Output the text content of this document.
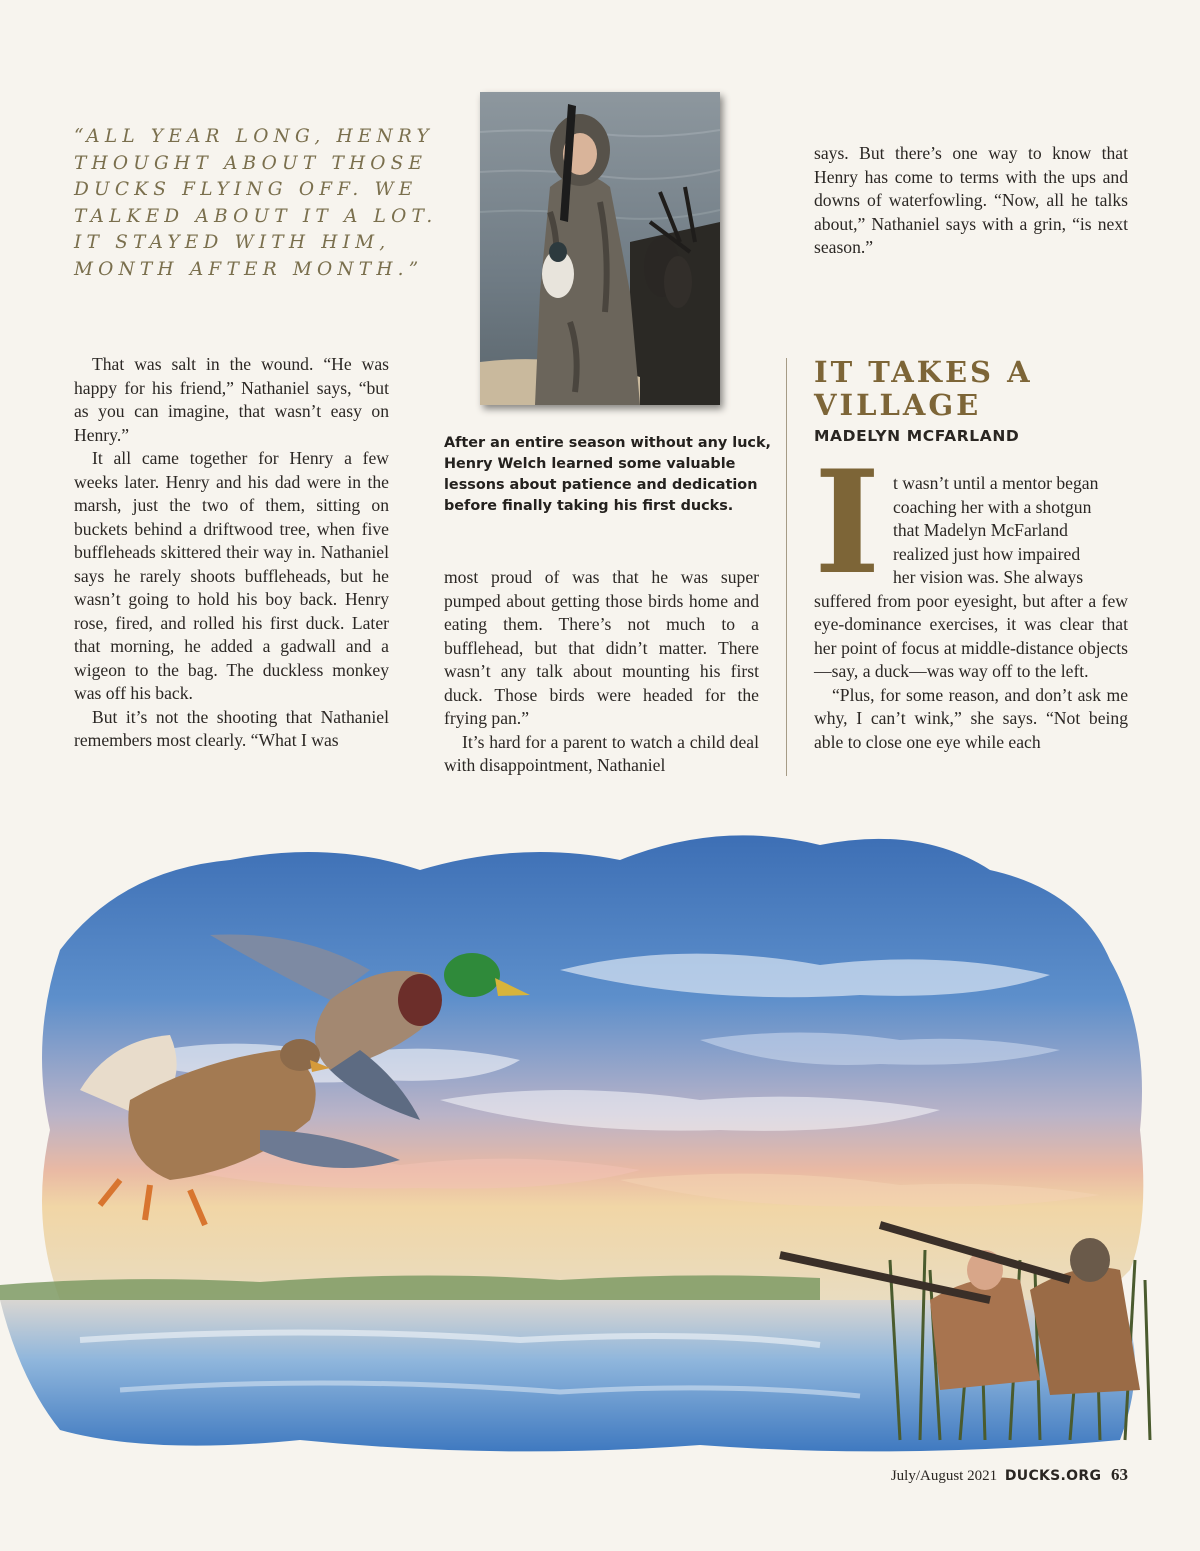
“ALL YEAR LONG, HENRY
THOUGHT ABOUT THOSE
DUCKS FLYING OFF. WE
TALKED ABOUT IT A LOT.
IT STAYED WITH HIM,
MONTH AFTER MONTH.”
After an entire season without any luck,
Henry Welch learned some valuable
lessons about patience and dedication
before finally taking his first ducks.

That was salt in the wound. “He was happy for his friend,” Nathaniel says, “but as you can imagine, that wasn’t easy on Henry.”

It all came together for Henry a few weeks later. Henry and his dad were in the marsh, just the two of them, sitting on buckets behind a driftwood tree, when five buffleheads skittered their way in. Nathaniel says he rarely shoots buffleheads, but he wasn’t going to hold his boy back. Henry rose, fired, and rolled his first duck. Later that morning, he added a gadwall and a wigeon to the bag. The duckless monkey was off his back.

But it’s not the shooting that Nathaniel remembers most clearly. “What I was

most proud of was that he was super pumped about getting those birds home and eating them. There’s not much to a bufflehead, but that didn’t matter. There wasn’t any talk about mounting his first duck. Those birds were headed for the frying pan.”

It’s hard for a parent to watch a child deal with disappointment, Nathaniel

says. But there’s one way to know that Henry has come to terms with the ups and downs of waterfowling. “Now, all he talks about,” Nathaniel says with a grin, “is next season.”

IT TAKES A
VILLAGE
MADELYN MCFARLAND
I t wasn’t until a mentor began

coaching her with a shotgun

that Madelyn McFarland

realized just how impaired

her vision was. She always

suffered from poor eyesight, but after a few eye-dominance exercises, it was clear that her point of focus at middle-distance objects—say, a duck—was way off to the left.

“Plus, for some reason, and don’t ask me why, I can’t wink,” she says. “Not being able to close one eye while each

July/August 2021 DUCKS.ORG 63
